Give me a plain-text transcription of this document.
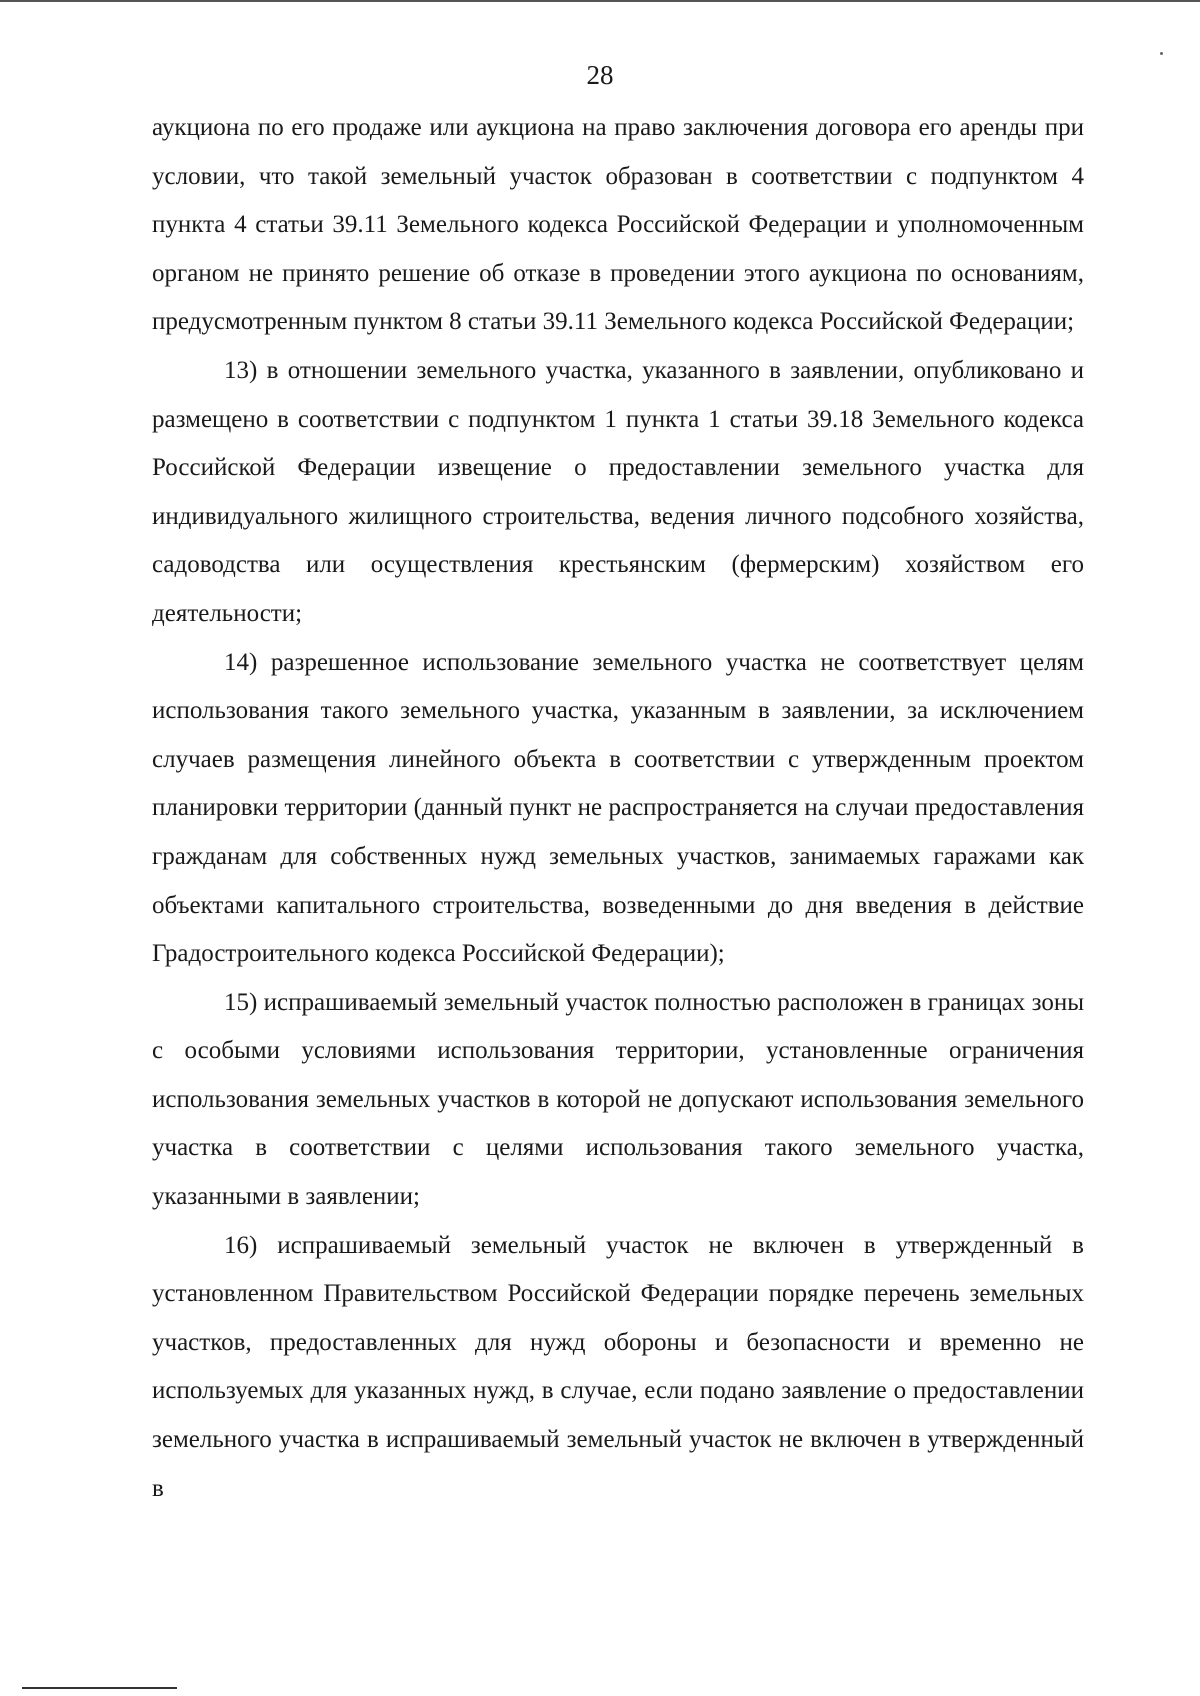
28

аукциона по его продаже или аукциона на право заключения договора его аренды при условии, что такой земельный участок образован в соответствии с подпунктом 4 пункта 4 статьи 39.11 Земельного кодекса Российской Федерации и уполномоченным органом не принято решение об отказе в проведении этого аукциона по основаниям, предусмотренным пунктом 8 статьи 39.11 Земельного кодекса Российской Федерации;

13) в отношении земельного участка, указанного в заявлении, опубликовано и размещено в соответствии с подпунктом 1 пункта 1 статьи 39.18 Земельного кодекса Российской Федерации извещение о предоставлении земельного участка для индивидуального жилищного строительства, ведения личного подсобного хозяйства, садоводства или осуществления крестьянским (фермерским) хозяйством его деятельности;

14) разрешенное использование земельного участка не соответствует целям использования такого земельного участка, указанным в заявлении, за исключением случаев размещения линейного объекта в соответствии с утвержденным проектом планировки территории (данный пункт не распространяется на случаи предоставления гражданам для собственных нужд земельных участков, занимаемых гаражами как объектами капитального строительства, возведенными до дня введения в действие Градостроительного кодекса Российской Федерации);

15) испрашиваемый земельный участок полностью расположен в границах зоны с особыми условиями использования территории, установленные ограничения использования земельных участков в которой не допускают использования земельного участка в соответствии с целями использования такого земельного участка, указанными в заявлении;

16) испрашиваемый земельный участок не включен в утвержденный в установленном Правительством Российской Федерации порядке перечень земельных участков, предоставленных для нужд обороны и безопасности и временно не используемых для указанных нужд, в случае, если подано заявление о предоставлении земельного участка в испрашиваемый земельный участок не включен в утвержденный в
